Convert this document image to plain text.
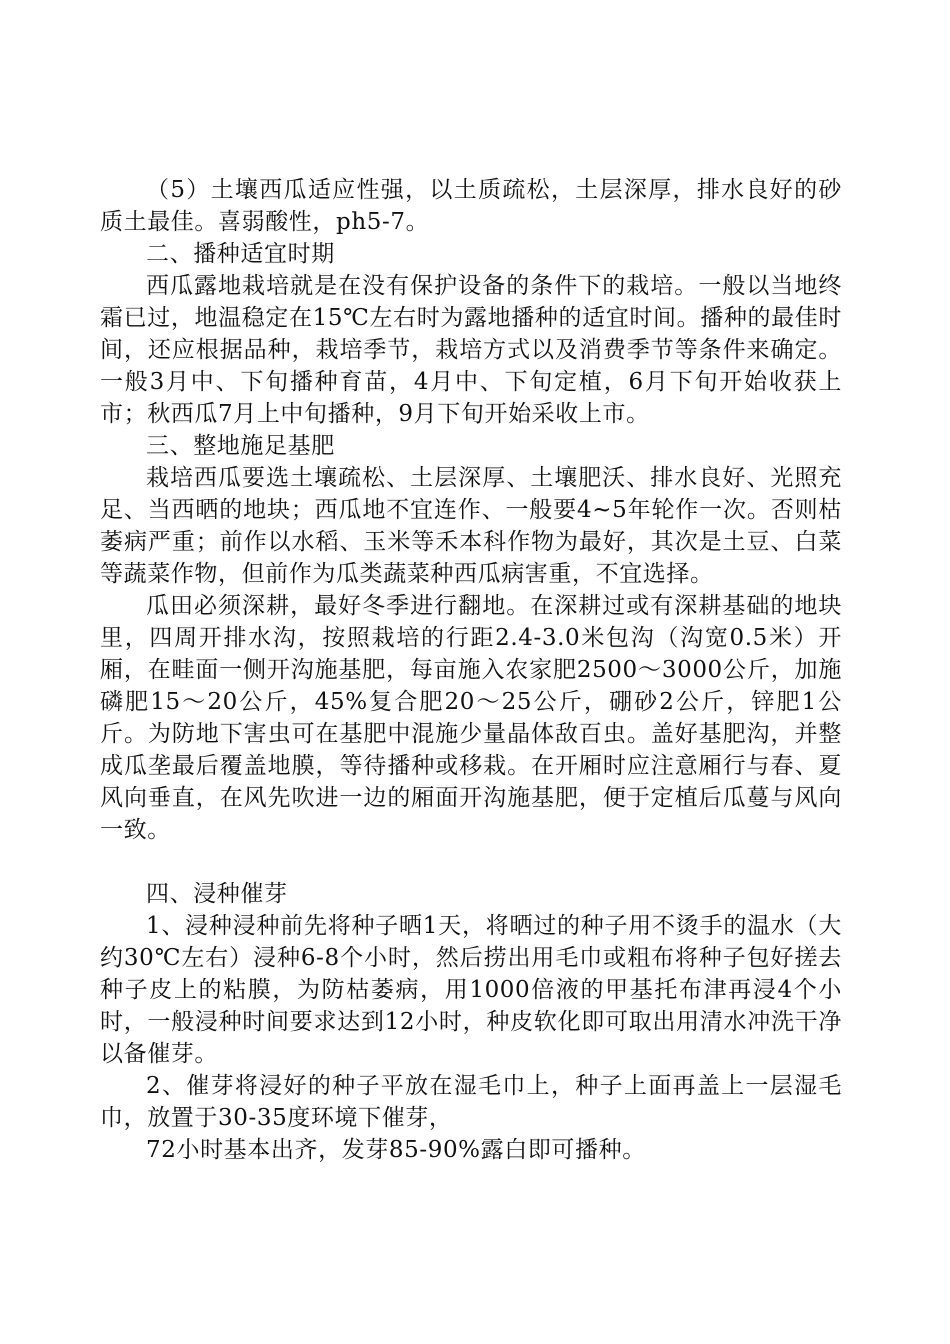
（5）土壤西瓜适应性强，以土质疏松，土层深厚，排水良好的砂质土最佳。喜弱酸性，ph5-7。

二、播种适宜时期

西瓜露地栽培就是在没有保护设备的条件下的栽培。一般以当地终霜已过，地温稳定在15℃左右时为露地播种的适宜时间。播种的最佳时间，还应根据品种，栽培季节，栽培方式以及消费季节等条件来确定。一般3月中、下旬播种育苗，4月中、下旬定植，6月下旬开始收获上市；秋西瓜7月上中旬播种，9月下旬开始采收上市。

三、整地施足基肥

栽培西瓜要选土壤疏松、土层深厚、土壤肥沃、排水良好、光照充足、当西晒的地块；西瓜地不宜连作、一般要4~5年轮作一次。否则枯萎病严重；前作以水稻、玉米等禾本科作物为最好，其次是土豆、白菜等蔬菜作物，但前作为瓜类蔬菜种西瓜病害重，不宜选择。

瓜田必须深耕，最好冬季进行翻地。在深耕过或有深耕基础的地块里，四周开排水沟，按照栽培的行距2.4-3.0米包沟（沟宽0.5米）开厢，在畦面一侧开沟施基肥，每亩施入农家肥2500～3000公斤，加施磷肥15～20公斤，45%复合肥20～25公斤，硼砂2公斤，锌肥1公斤。为防地下害虫可在基肥中混施少量晶体敌百虫。盖好基肥沟，并整成瓜垄最后覆盖地膜，等待播种或移栽。在开厢时应注意厢行与春、夏风向垂直，在风先吹进一边的厢面开沟施基肥，便于定植后瓜蔓与风向一致。

四、浸种催芽

1、浸种浸种前先将种子晒1天，将晒过的种子用不烫手的温水（大约30℃左右）浸种6-8个小时，然后捞出用毛巾或粗布将种子包好搓去种子皮上的粘膜，为防枯萎病，用1000倍液的甲基托布津再浸4个小时，一般浸种时间要求达到12小时，种皮软化即可取出用清水冲洗干净以备催芽。

2、催芽将浸好的种子平放在湿毛巾上，种子上面再盖上一层湿毛巾，放置于30-35度环境下催芽，

72小时基本出齐，发芽85-90%露白即可播种。
